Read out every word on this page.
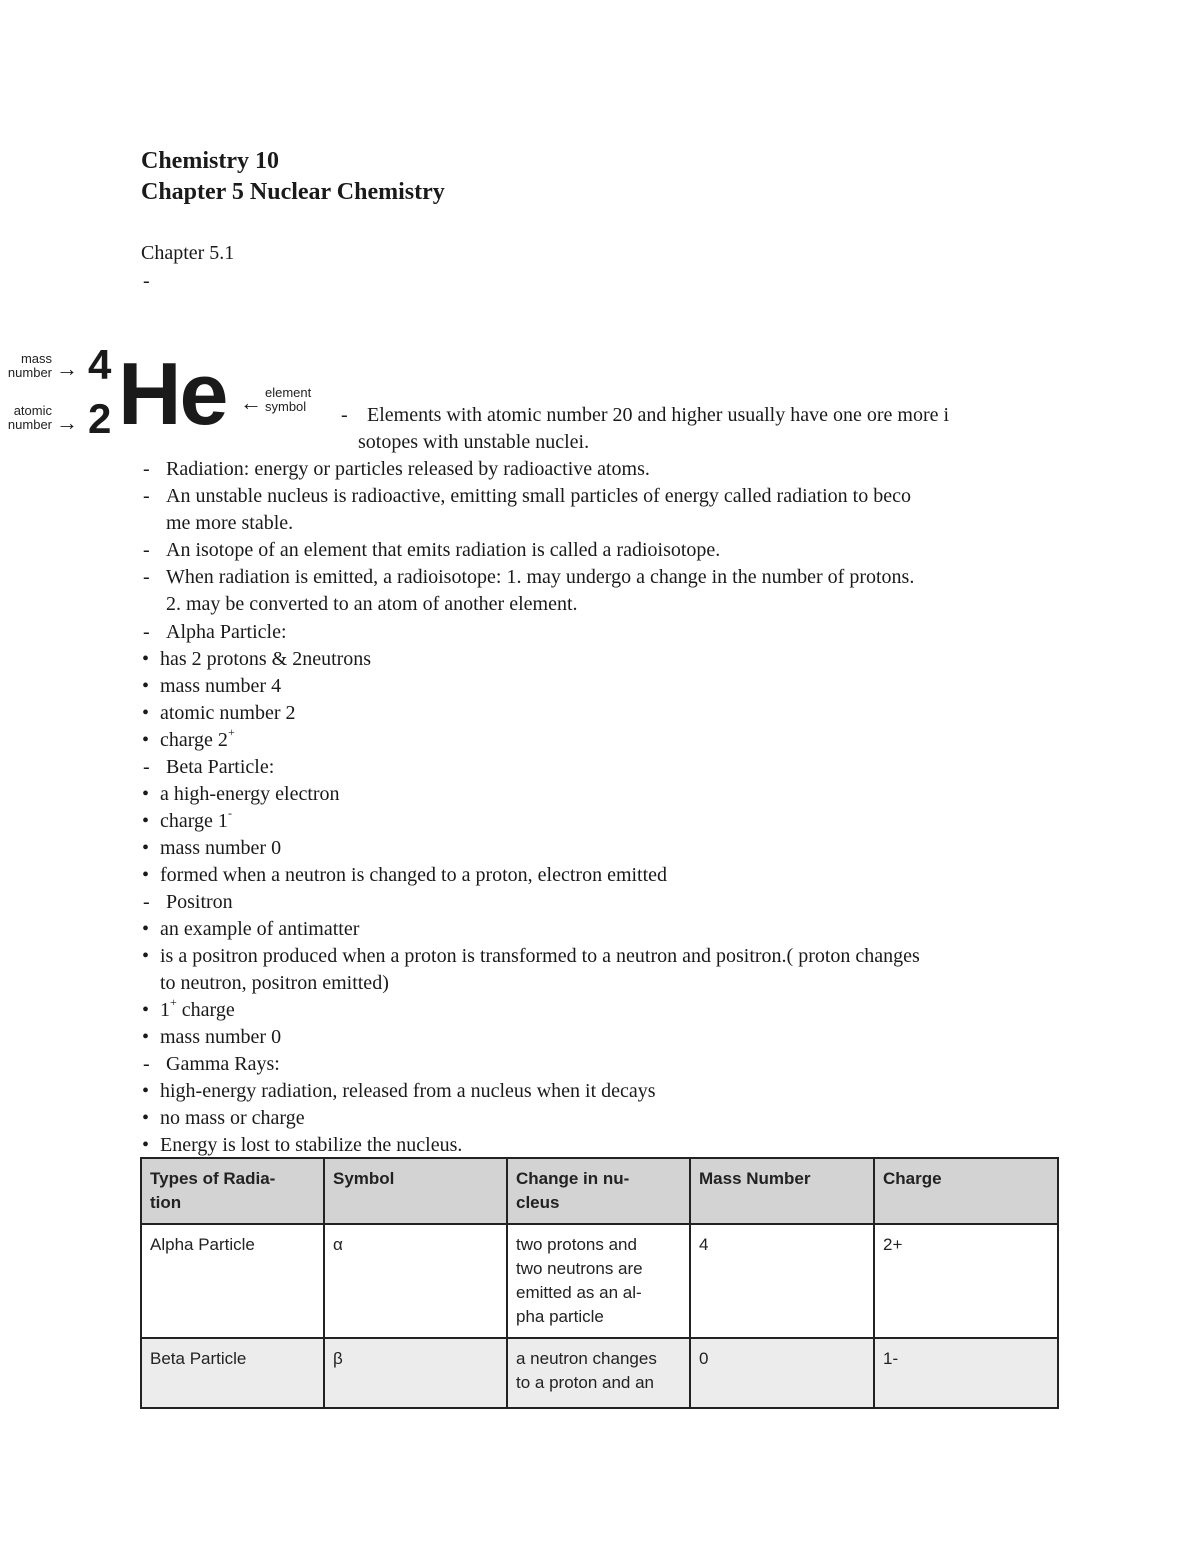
Chemistry 10
Chapter 5 Nuclear Chemistry
Chapter 5.1
-
mass
number → 4
atomic
number → 2 He ← element
symbol - Elements with atomic number 20 and higher usually have one ore more i
sotopes with unstable nuclei.
- Radiation: energy or particles released by radioactive atoms.
- An unstable nucleus is radioactive, emitting small particles of energy called radiation to beco
me more stable.
- An isotope of an element that emits radiation is called a radioisotope.
- When radiation is emitted, a radioisotope: 1. may undergo a change in the number of protons.
2. may be converted to an atom of another element.
- Alpha Particle:
• has 2 protons & 2neutrons
• mass number 4
• atomic number 2
• charge 2+
- Beta Particle:
• a high-energy electron
• charge 1-
• mass number 0
• formed when a neutron is changed to a proton, electron emitted
- Positron
• an example of antimatter
• is a positron produced when a proton is transformed to a neutron and positron.( proton changes
to neutron, positron emitted)
• 1+ charge
• mass number 0
- Gamma Rays:
• high-energy radiation, released from a nucleus when it decays
• no mass or charge
• Energy is lost to stabilize the nucleus.
Types of Radia-
tion	Symbol	Change in nu-
cleus	Mass Number	Charge
Alpha Particle	α	two protons and
two neutrons are
emitted as an al-
pha particle	4	2+
Beta Particle	β	a neutron changes
to a proton and an	0	1-
